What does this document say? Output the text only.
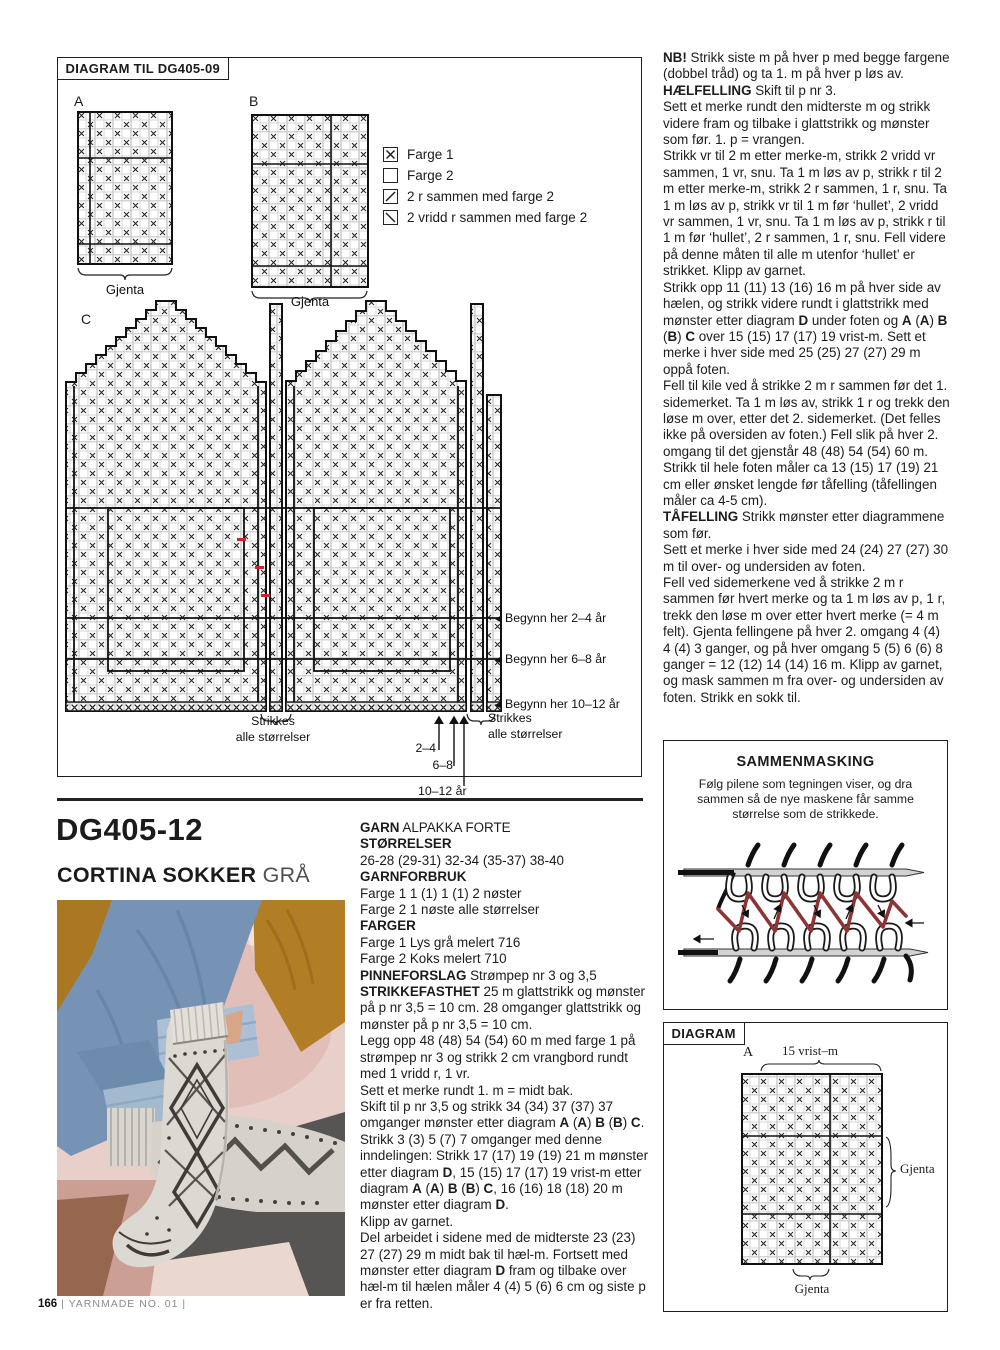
DIAGRAM TIL DG405-09
A
Gjenta
B
Gjenta
Farge 1
Farge 2
2 r sammen med farge 2
2 vridd r sammen med farge 2
C
Begynn her 2–4 år
Begynn her 6–8 år
Begynn her 10–12 år
Strikkes
alle størrelser
Strikkes
alle størrelser
2–4
6–8
10–12 år

NB! Strikk siste m på hver p med begge fargene (dobbel tråd) og ta 1. m på hver p løs av.

HÆLFELLING Skift til p nr 3.

Sett et merke rundt den midterste m og strikk videre fram og tilbake i glattstrikk og mønster som før. 1. p = vrangen.

Strikk vr til 2 m etter merke-m, strikk 2 vridd vr sammen, 1 vr, snu. Ta 1 m løs av p, strikk r til 2 m etter merke-m, strikk 2 r sammen, 1 r, snu. Ta 1 m løs av p, strikk vr til 1 m før ‘hullet’, 2 vridd vr sammen, 1 vr, snu. Ta 1 m løs av p, strikk r til 1 m før ‘hullet’, 2 r sammen, 1 r, snu. Fell videre på denne måten til alle m utenfor ‘hullet’ er strikket. Klipp av garnet.

Strikk opp 11 (11) 13 (16) 16 m på hver side av hælen, og strikk videre rundt i glattstrikk med mønster etter diagram D under foten og A (A) B (B) C over 15 (15) 17 (17) 19 vrist-m. Sett et merke i hver side med 25 (25) 27 (27) 29 m oppå foten.

Fell til kile ved å strikke 2 m r sammen før det 1. sidemerket. Ta 1 m løs av, strikk 1 r og trekk den løse m over, etter det 2. sidemerket. (Det felles ikke på oversiden av foten.) Fell slik på hver 2. omgang til det gjenstår 48 (48) 54 (54) 60 m. Strikk til hele foten måler ca 13 (15) 17 (19) 21 cm eller ønsket lengde før tåfelling (tåfellingen måler ca 4-5 cm).

TÅFELLING Strikk mønster etter diagrammene som før.

Sett et merke i hver side med 24 (24) 27 (27) 30 m til over- og undersiden av foten.

Fell ved sidemerkene ved å strikke 2 m r sammen før hvert merke og ta 1 m løs av p, 1 r, trekk den løse m over etter hvert merke (= 4 m felt). Gjenta fellingene på hver 2. omgang 4 (4) 4 (4) 3 ganger, og på hver omgang 5 (5) 6 (6) 8 ganger = 12 (12) 14 (14) 16 m. Klipp av garnet, og mask sammen m fra over- og undersiden av foten. Strikk en sokk til.

SAMMENMASKING
Følg pilene som tegningen viser, og dra sammen så de nye maskene får samme størrelse som de strikkede.
DIAGRAM
A 15 vrist–m
Gjenta
Gjenta
DG405-12
CORTINA SOKKER GRÅ

GARN ALPAKKA FORTE

STØRRELSER

26-28 (29-31) 32-34 (35-37) 38-40

GARNFORBRUK

Farge 1 1 (1) 1 (1) 2 nøster

Farge 2 1 nøste alle størrelser

FARGER

Farge 1 Lys grå melert 716

Farge 2 Koks melert 710

PINNEFORSLAG Strømpep nr 3 og 3,5

STRIKKEFASTHET 25 m glattstrikk og mønster på p nr 3,5 = 10 cm. 28 omganger glattstrikk og mønster på p nr 3,5 = 10 cm.

Legg opp 48 (48) 54 (54) 60 m med farge 1 på strømpep nr 3 og strikk 2 cm vrangbord rundt med 1 vridd r, 1 vr.

Sett et merke rundt 1. m = midt bak.

Skift til p nr 3,5 og strikk 34 (34) 37 (37) 37 omganger mønster etter diagram A (A) B (B) C.

Strikk 3 (3) 5 (7) 7 omganger med denne inndelingen: Strikk 17 (17) 19 (19) 21 m mønster etter diagram D, 15 (15) 17 (17) 19 vrist-m etter diagram A (A) B (B) C, 16 (16) 18 (18) 20 m mønster etter diagram D.

Klipp av garnet.

Del arbeidet i sidene med de midterste 23 (23) 27 (27) 29 m midt bak til hæl-m. Fortsett med mønster etter diagram D fram og tilbake over hæl-m til hælen måler 4 (4) 5 (6) 6 cm og siste p er fra retten.

166 | YARNMADE NO. 01 |
